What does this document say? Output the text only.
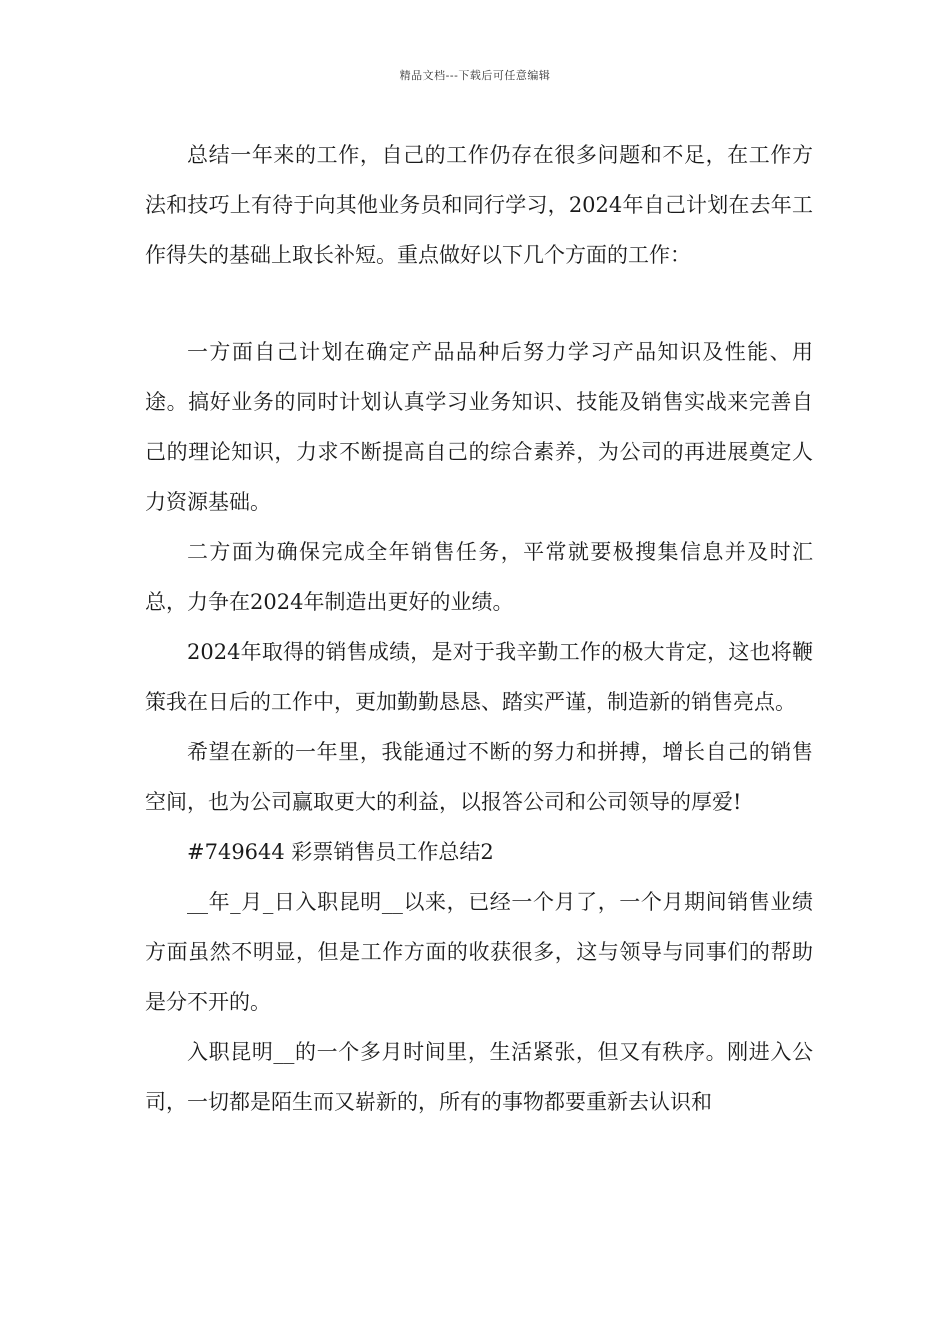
精品文档---下载后可任意编辑

总结一年来的工作，自己的工作仍存在很多问题和不足，在工作方法和技巧上有待于向其他业务员和同行学习，2024年自己计划在去年工作得失的基础上取长补短。重点做好以下几个方面的工作：

一方面自己计划在确定产品品种后努力学习产品知识及性能、用途。搞好业务的同时计划认真学习业务知识、技能及销售实战来完善自己的理论知识，力求不断提高自己的综合素养，为公司的再进展奠定人力资源基础。

二方面为确保完成全年销售任务，平常就要极搜集信息并及时汇总，力争在2024年制造出更好的业绩。

2024年取得的销售成绩，是对于我辛勤工作的极大肯定，这也将鞭策我在日后的工作中，更加勤勤恳恳、踏实严谨，制造新的销售亮点。

希望在新的一年里，我能通过不断的努力和拼搏，增长自己的销售空间，也为公司赢取更大的利益，以报答公司和公司领导的厚爱!

#749644 彩票销售员工作总结2

__年_月_日入职昆明__以来，已经一个月了，一个月期间销售业绩方面虽然不明显，但是工作方面的收获很多，这与领导与同事们的帮助是分不开的。

入职昆明__的一个多月时间里，生活紧张，但又有秩序。刚进入公司，一切都是陌生而又崭新的，所有的事物都要重新去认识和
